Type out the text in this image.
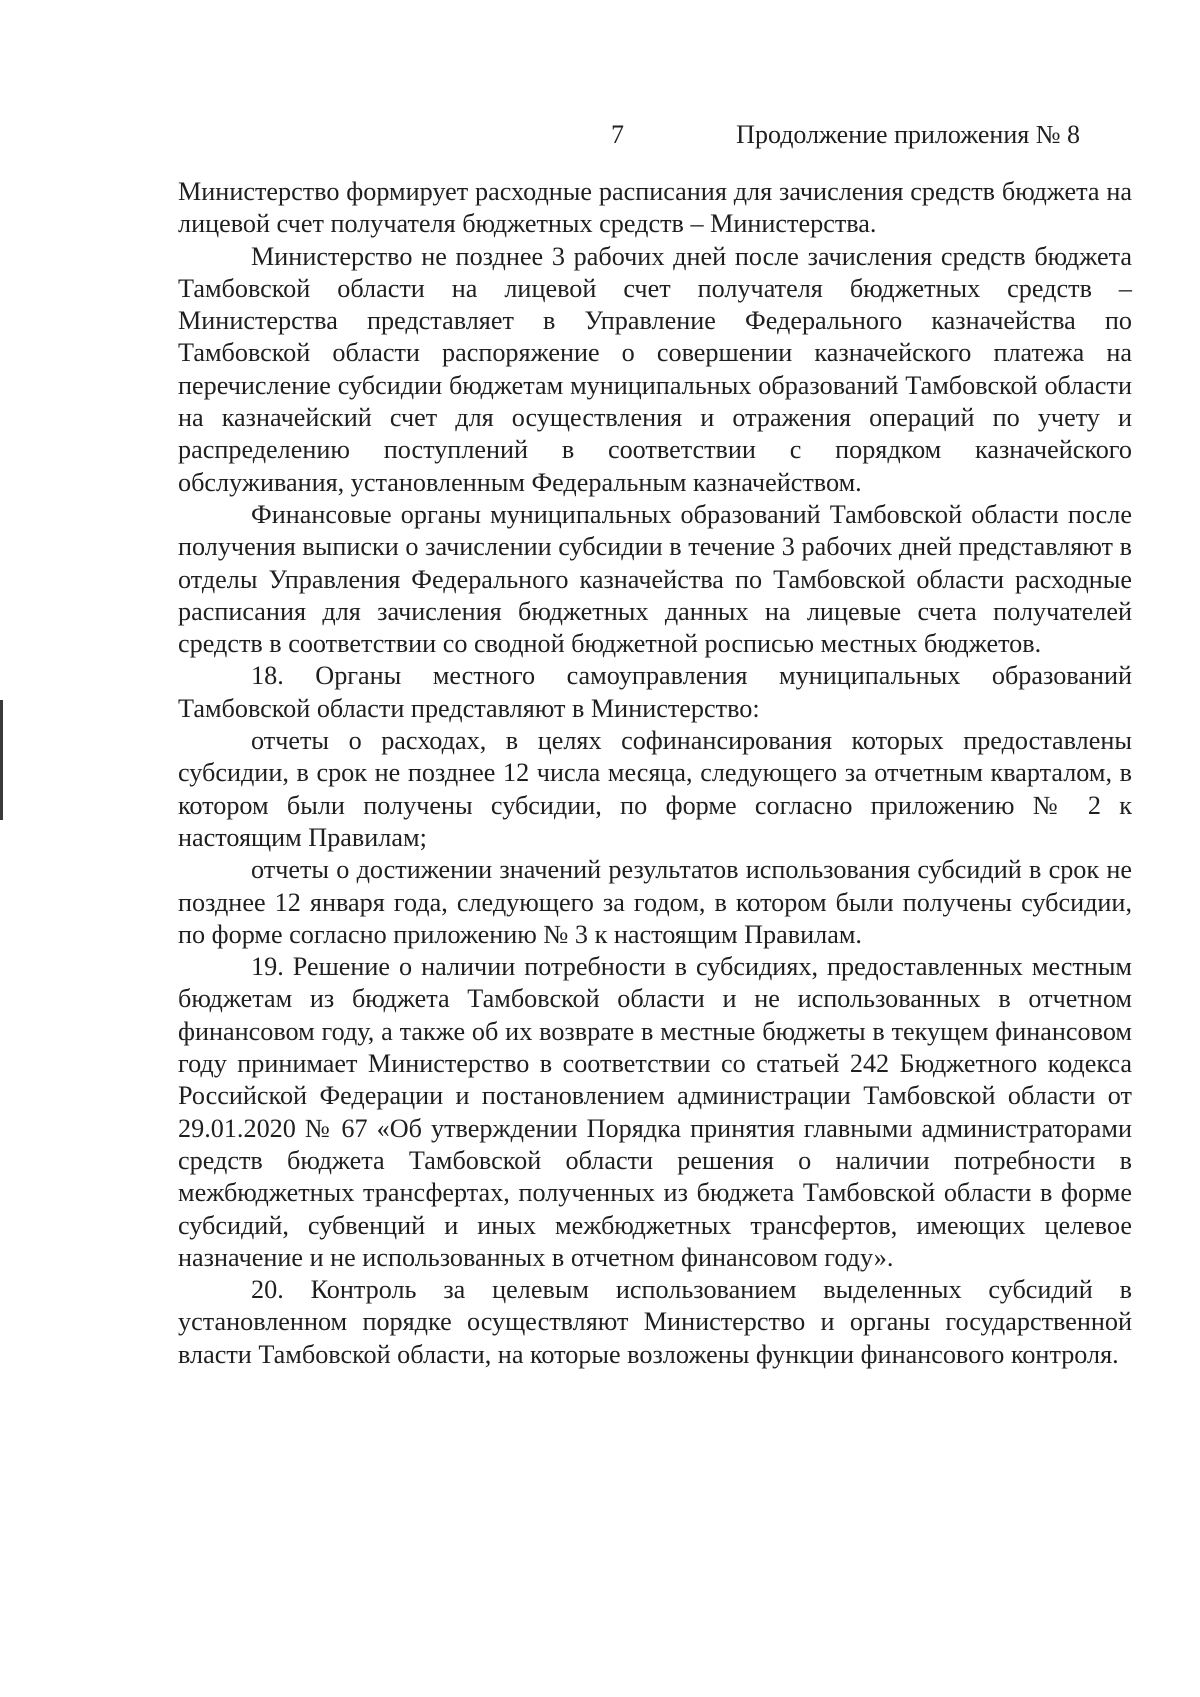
7	Продолжение приложения № 8

Министерство формирует расходные расписания для зачисления средств бюджета на лицевой счет получателя бюджетных средств – Министерства.

Министерство не позднее 3 рабочих дней после зачисления средств бюджета Тамбовской области на лицевой счет получателя бюджетных средств – Министерства представляет в Управление Федерального казначейства по Тамбовской области распоряжение о совершении казначейского платежа на перечисление субсидии бюджетам муниципальных образований Тамбовской области на казначейский счет для осуществления и отражения операций по учету и распределению поступлений в соответствии с порядком казначейского обслуживания, установленным Федеральным казначейством.

Финансовые органы муниципальных образований Тамбовской области после получения выписки о зачислении субсидии в течение 3 рабочих дней представляют в отделы Управления Федерального казначейства по Тамбовской области расходные расписания для зачисления бюджетных данных на лицевые счета получателей средств в соответствии со сводной бюджетной росписью местных бюджетов.

18. Органы местного самоуправления муниципальных образований Тамбовской области представляют в Министерство:

отчеты о расходах, в целях софинансирования которых предоставлены субсидии, в срок не позднее 12 числа месяца, следующего за отчетным кварталом, в котором были получены субсидии, по форме согласно приложению № 2 к настоящим Правилам;

отчеты о достижении значений результатов использования субсидий в срок не позднее 12 января года, следующего за годом, в котором были получены субсидии, по форме согласно приложению № 3 к настоящим Правилам.

19. Решение о наличии потребности в субсидиях, предоставленных местным бюджетам из бюджета Тамбовской области и не использованных в отчетном финансовом году, а также об их возврате в местные бюджеты в текущем финансовом году принимает Министерство в соответствии со статьей 242 Бюджетного кодекса Российской Федерации и постановлением администрации Тамбовской области от 29.01.2020 № 67 «Об утверждении Порядка принятия главными администраторами средств бюджета Тамбовской области решения о наличии потребности в межбюджетных трансфертах, полученных из бюджета Тамбовской области в форме субсидий, субвенций и иных межбюджетных трансфертов, имеющих целевое назначение и не использованных в отчетном финансовом году».

20. Контроль за целевым использованием выделенных субсидий в установленном порядке осуществляют Министерство и органы государственной власти Тамбовской области, на которые возложены функции финансового контроля.
